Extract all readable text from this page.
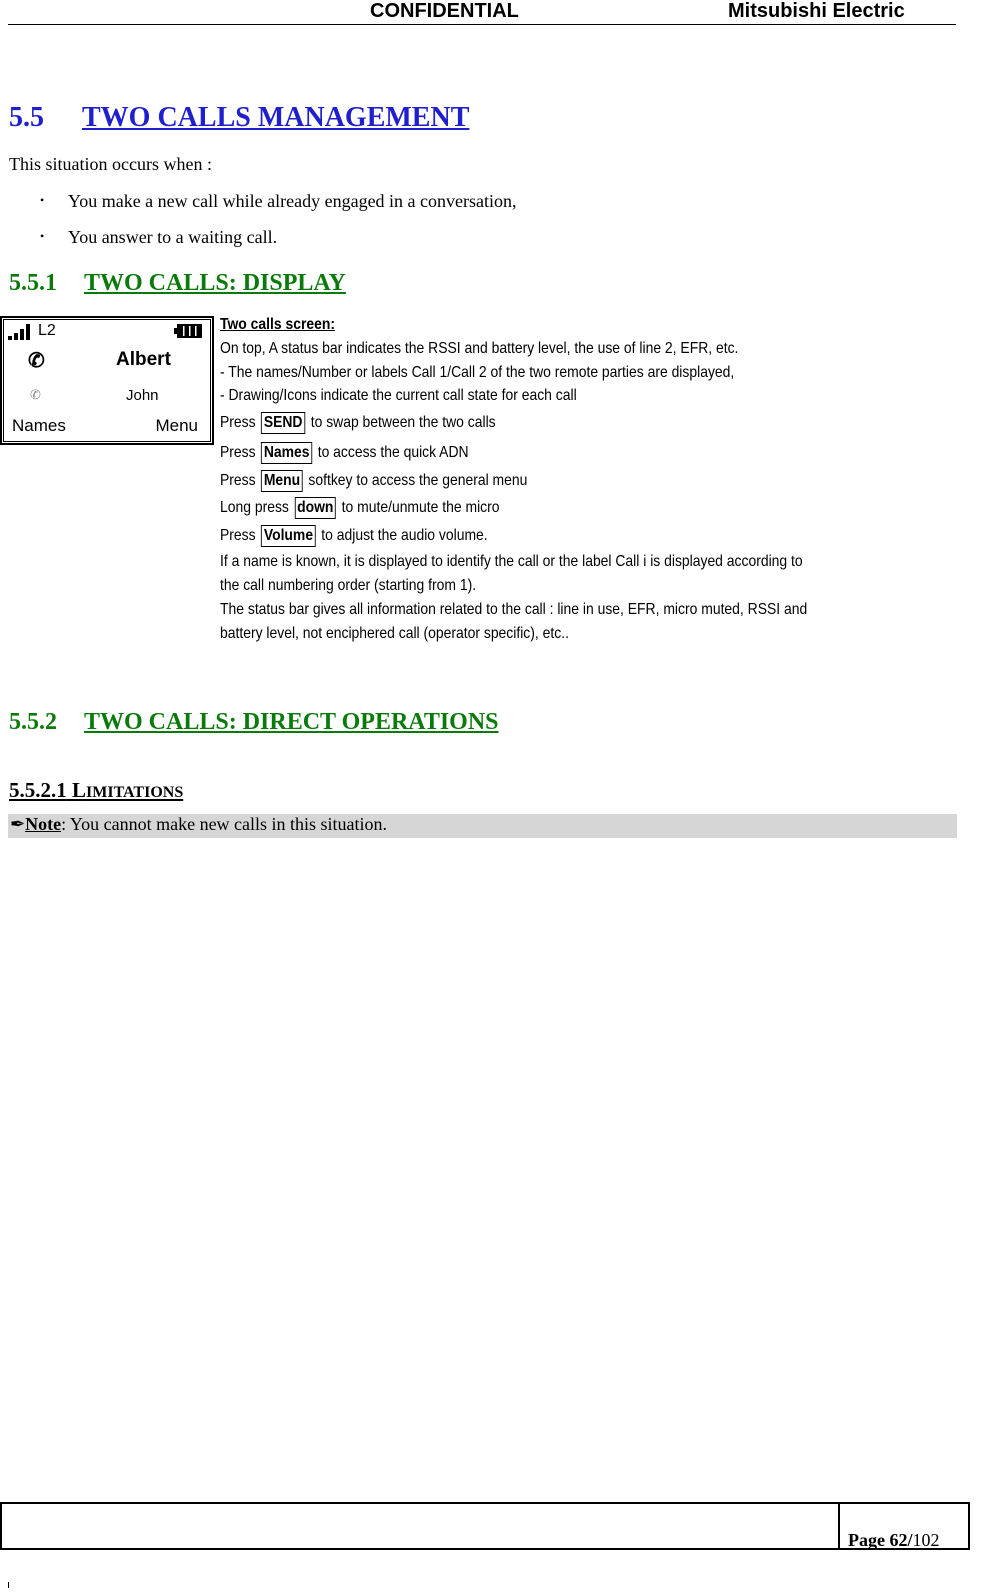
CONFIDENTIAL	Mitsubishi Electric
5.5 TWO CALLS MANAGEMENT
This situation occurs when :
• You make a new call while already engaged in a conversation,
• You answer to a waiting call.
5.5.1 TWO CALLS: DISPLAY
L2
✆	Albert
✆	John
Names	Menu
Two calls screen:
On top, A status bar indicates the RSSI and battery level, the use of line 2, EFR, etc.
- The names/Number or labels Call 1/Call 2 of the two remote parties are displayed,
- Drawing/Icons indicate the current call state for each call
Press SEND to swap between the two calls
Press Names to access the quick ADN
Press Menu softkey to access the general menu
Long press down to mute/unmute the micro
Press Volume to adjust the audio volume.
If a name is known, it is displayed to identify the call or the label Call i is displayed according to
the call numbering order (starting from 1).
The status bar gives all information related to the call : line in use, EFR, micro muted, RSSI and
battery level, not enciphered call (operator specific), etc..
5.5.2 TWO CALLS: DIRECT OPERATIONS
5.5.2.1 LIMITATIONS
✒Note: You cannot make new calls in this situation.
Page 62/102
